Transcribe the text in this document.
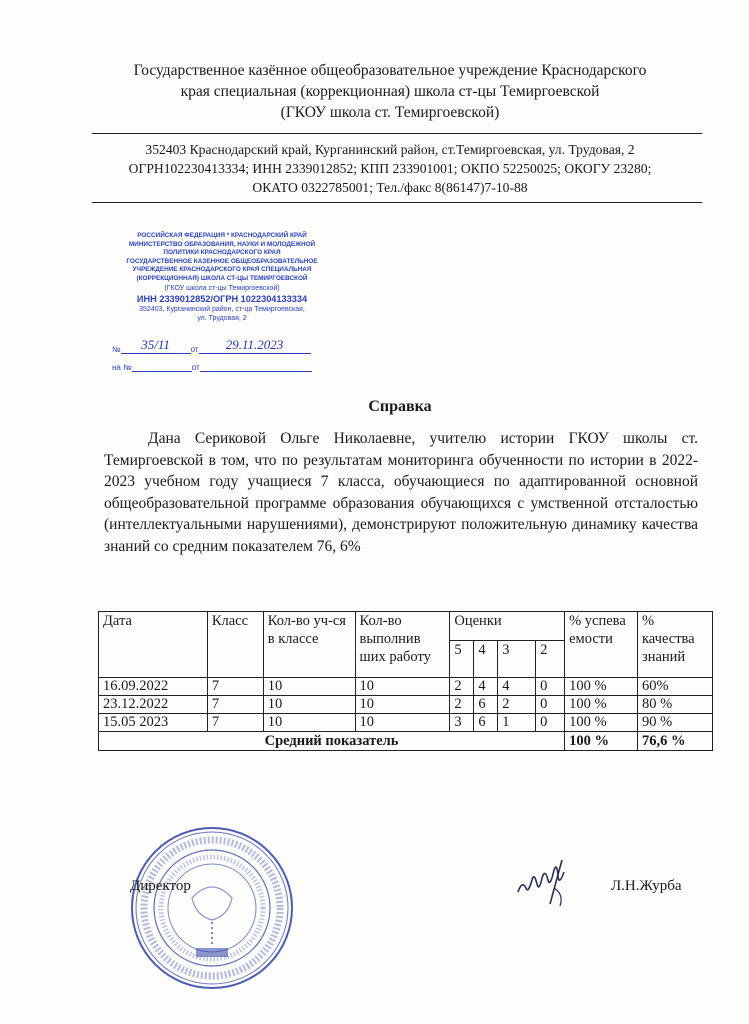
Государственное казённое общеобразовательное учреждение Краснодарского
края специальная (коррекционная) школа ст-цы Темиргоевской
(ГКОУ школа ст. Темиргоевской)
352403 Краснодарский край, Курганинский район, ст.Темиргоевская, ул. Трудовая, 2
ОГРН102230413334; ИНН 2339012852; КПП 233901001; ОКПО 52250025; ОКОГУ 23280;
ОКАТО 0322785001; Тел./факс 8(86147)7-10-88
РОССИЙСКАЯ ФЕДЕРАЦИЯ * КРАСНОДАРСКИЙ КРАЙ
МИНИСТЕРСТВО ОБРАЗОВАНИЯ, НАУКИ И МОЛОДЕЖНОЙ
ПОЛИТИКИ КРАСНОДАРСКОГО КРАЯ
ГОСУДАРСТВЕННОЕ КАЗЕННОЕ ОБЩЕОБРАЗОВАТЕЛЬНОЕ
УЧРЕЖДЕНИЕ КРАСНОДАРСКОГО КРАЯ СПЕЦИАЛЬНАЯ
(КОРРЕКЦИОННАЯ) ШКОЛА СТ-ЦЫ ТЕМИРГОЕВСКОЙ
(ГКОУ школа ст-цы Темиргоевской)
ИНН 2339012852/ОГРН 1022304133334
352403, Курганинский район, ст-ца Темиргоевская,
ул. Трудовая, 2
№	35/11	от	29.11.2023
на №	от
Справка

Дана Сериковой Ольге Николаевне, учителю истории ГКОУ школы ст. Темиргоевской в том, что по результатам мониторинга обученности по истории в 2022-2023 учебном году учащиеся 7 класса, обучающиеся по адаптированной основной общеобразовательной программе образования обучающихся с умственной отсталостью (интеллектуальными нарушениями), демонстрируют положительную динамику качества знаний со средним показателем 76, 6%

Дата	Класс	Кол-во уч-ся в классе	Кол-во выполнив ших работу	Оценки				% успева емости	% качества знаний
				5	4	3	2		
16.09.2022	7	10	10	2	4	4	0	100 %	60%
23.12.2022	7	10	10	2	6	2	0	100 %	80 %
15.05 2023	7	10	10	3	6	1	0	100 %	90 %
Средний показатель								100 %	76,6 %
Директор	Л.Н.Журба
